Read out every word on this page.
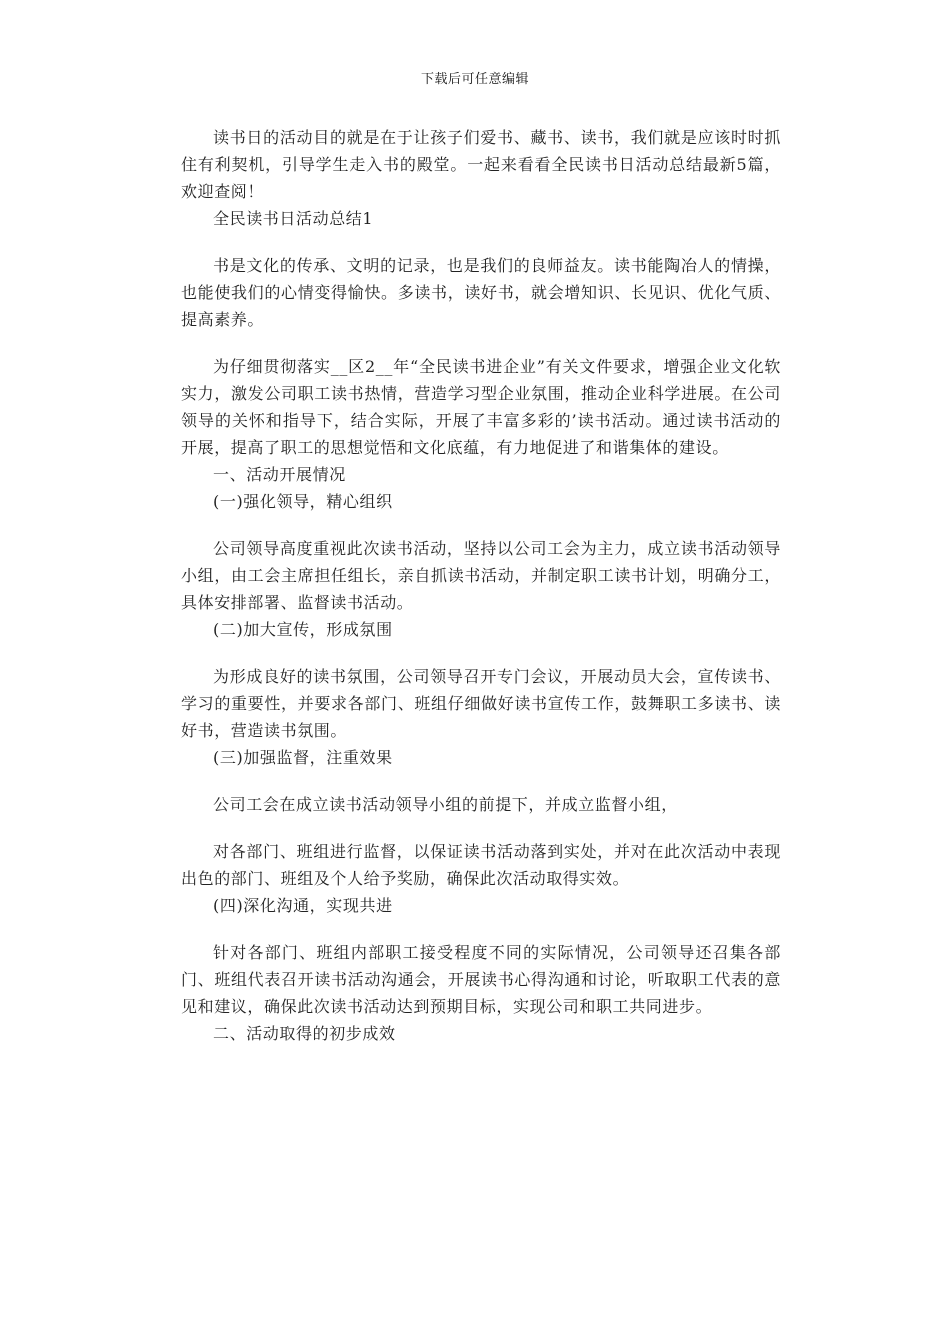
下载后可任意编辑

读书日的活动目的就是在于让孩子们爱书、藏书、读书，我们就是应该时时抓住有利契机，引导学生走入书的殿堂。一起来看看全民读书日活动总结最新5篇，欢迎查阅！

全民读书日活动总结1

书是文化的传承、文明的记录，也是我们的良师益友。读书能陶冶人的情操，也能使我们的心情变得愉快。多读书，读好书，就会增知识、长见识、优化气质、提高素养。

为仔细贯彻落实__区2__年“全民读书进企业”有关文件要求，增强企业文化软实力，激发公司职工读书热情，营造学习型企业氛围，推动企业科学进展。在公司领导的关怀和指导下，结合实际，开展了丰富多彩的’读书活动。通过读书活动的开展，提高了职工的思想觉悟和文化底蕴，有力地促进了和谐集体的建设。

一、活动开展情况

(一)强化领导，精心组织

公司领导高度重视此次读书活动，坚持以公司工会为主力，成立读书活动领导小组，由工会主席担任组长，亲自抓读书活动，并制定职工读书计划，明确分工，具体安排部署、监督读书活动。

(二)加大宣传，形成氛围

为形成良好的读书氛围，公司领导召开专门会议，开展动员大会，宣传读书、学习的重要性，并要求各部门、班组仔细做好读书宣传工作，鼓舞职工多读书、读好书，营造读书氛围。

(三)加强监督，注重效果

公司工会在成立读书活动领导小组的前提下，并成立监督小组，

对各部门、班组进行监督，以保证读书活动落到实处，并对在此次活动中表现出色的部门、班组及个人给予奖励，确保此次活动取得实效。

(四)深化沟通，实现共进

针对各部门、班组内部职工接受程度不同的实际情况，公司领导还召集各部门、班组代表召开读书活动沟通会，开展读书心得沟通和讨论，听取职工代表的意见和建议，确保此次读书活动达到预期目标，实现公司和职工共同进步。

二、活动取得的初步成效
